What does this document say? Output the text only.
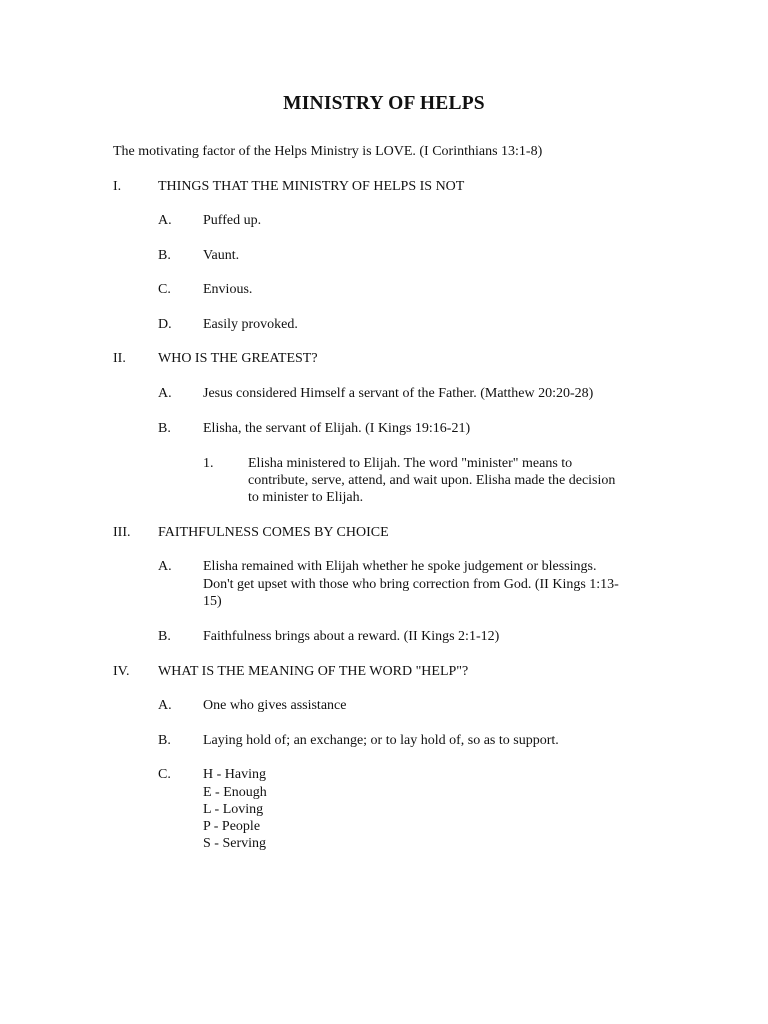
MINISTRY OF HELPS
The motivating factor of the Helps Ministry is LOVE. (I Corinthians 13:1-8)
I.	THINGS THAT THE MINISTRY OF HELPS IS NOT
A. Puffed up.
B. Vaunt.
C. Envious.
D. Easily provoked.
II. WHO IS THE GREATEST?
A. Jesus considered Himself a servant of the Father. (Matthew 20:20-28)
B. Elisha, the servant of Elijah. (I Kings 19:16-21)
1. Elisha ministered to Elijah. The word "minister" means to
contribute, serve, attend, and wait upon. Elisha made the decision
to minister to Elijah.
III. FAITHFULNESS COMES BY CHOICE
A. Elisha remained with Elijah whether he spoke judgement or blessings.
Don't get upset with those who bring correction from God. (II Kings 1:13-
15)
B. Faithfulness brings about a reward. (II Kings 2:1-12)
IV. WHAT IS THE MEANING OF THE WORD "HELP"?
A. One who gives assistance
B. Laying hold of; an exchange; or to lay hold of, so as to support.
C. H - Having
E - Enough
L - Loving
P - People
S - Serving
